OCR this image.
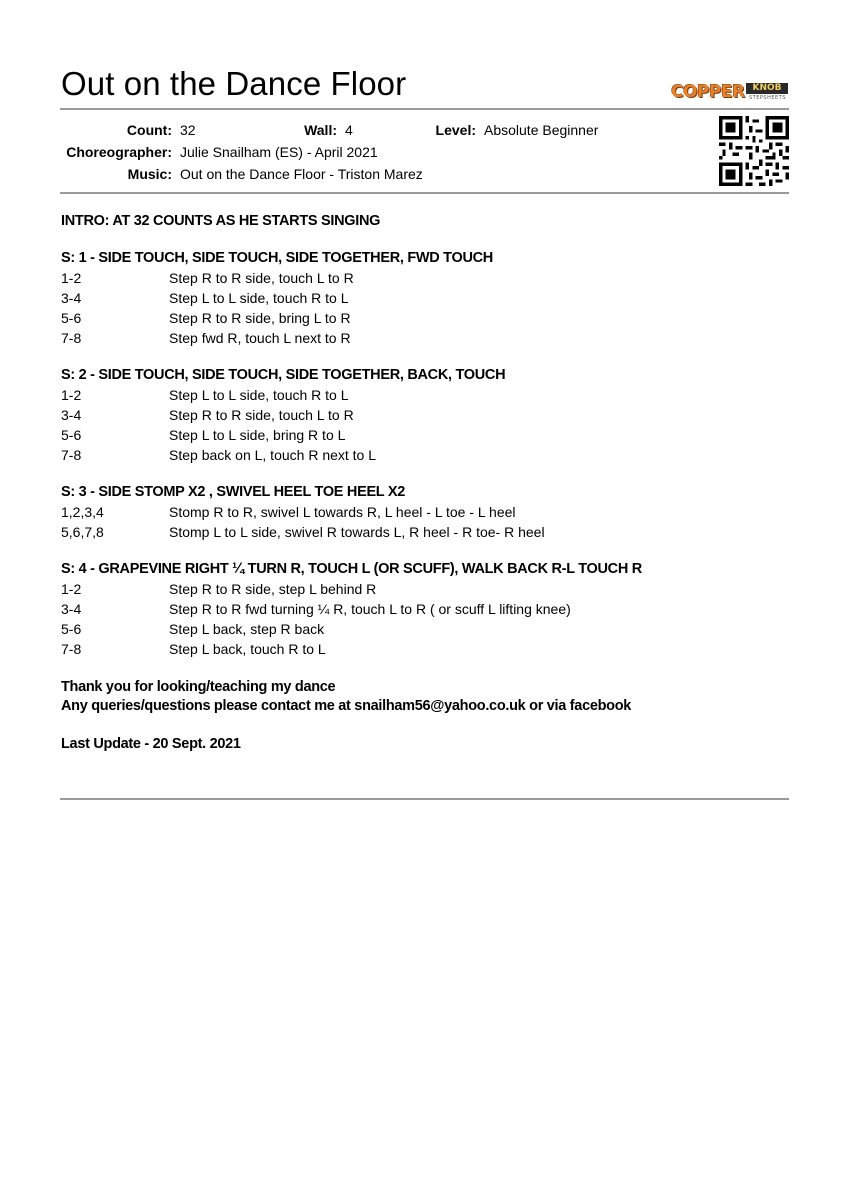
Out on the Dance Floor	COPPER KNOB
STEPSHEETS
Count: 32	Wall: 4	Level: Absolute Beginner
Choreographer: Julie Snailham (ES) - April 2021
Music: Out on the Dance Floor - Triston Marez
INTRO: AT 32 COUNTS AS HE STARTS SINGING
S: 1 - SIDE TOUCH, SIDE TOUCH, SIDE TOGETHER, FWD TOUCH
1-2	Step R to R side, touch L to R
3-4	Step L to L side, touch R to L
5-6	Step R to R side, bring L to R
7-8	Step fwd R, touch L next to R
S: 2 - SIDE TOUCH, SIDE TOUCH, SIDE TOGETHER, BACK, TOUCH
1-2	Step L to L side, touch R to L
3-4	Step R to R side, touch L to R
5-6	Step L to L side, bring R to L
7-8	Step back on L, touch R next to L
S: 3 - SIDE STOMP X2 , SWIVEL HEEL TOE HEEL X2
1,2,3,4	Stomp R to R, swivel L towards R, L heel - L toe - L heel
5,6,7,8	Stomp L to L side, swivel R towards L, R heel - R toe- R heel
S: 4 - GRAPEVINE RIGHT ¼ TURN R, TOUCH L (OR SCUFF), WALK BACK R-L TOUCH R
1-2	Step R to R side, step L behind R
3-4	Step R to R fwd turning ¼ R, touch L to R ( or scuff L lifting knee)
5-6	Step L back, step R back
7-8	Step L back, touch R to L
Thank you for looking/teaching my dance
Any queries/questions please contact me at snailham56@yahoo.co.uk or via facebook
Last Update - 20 Sept. 2021
